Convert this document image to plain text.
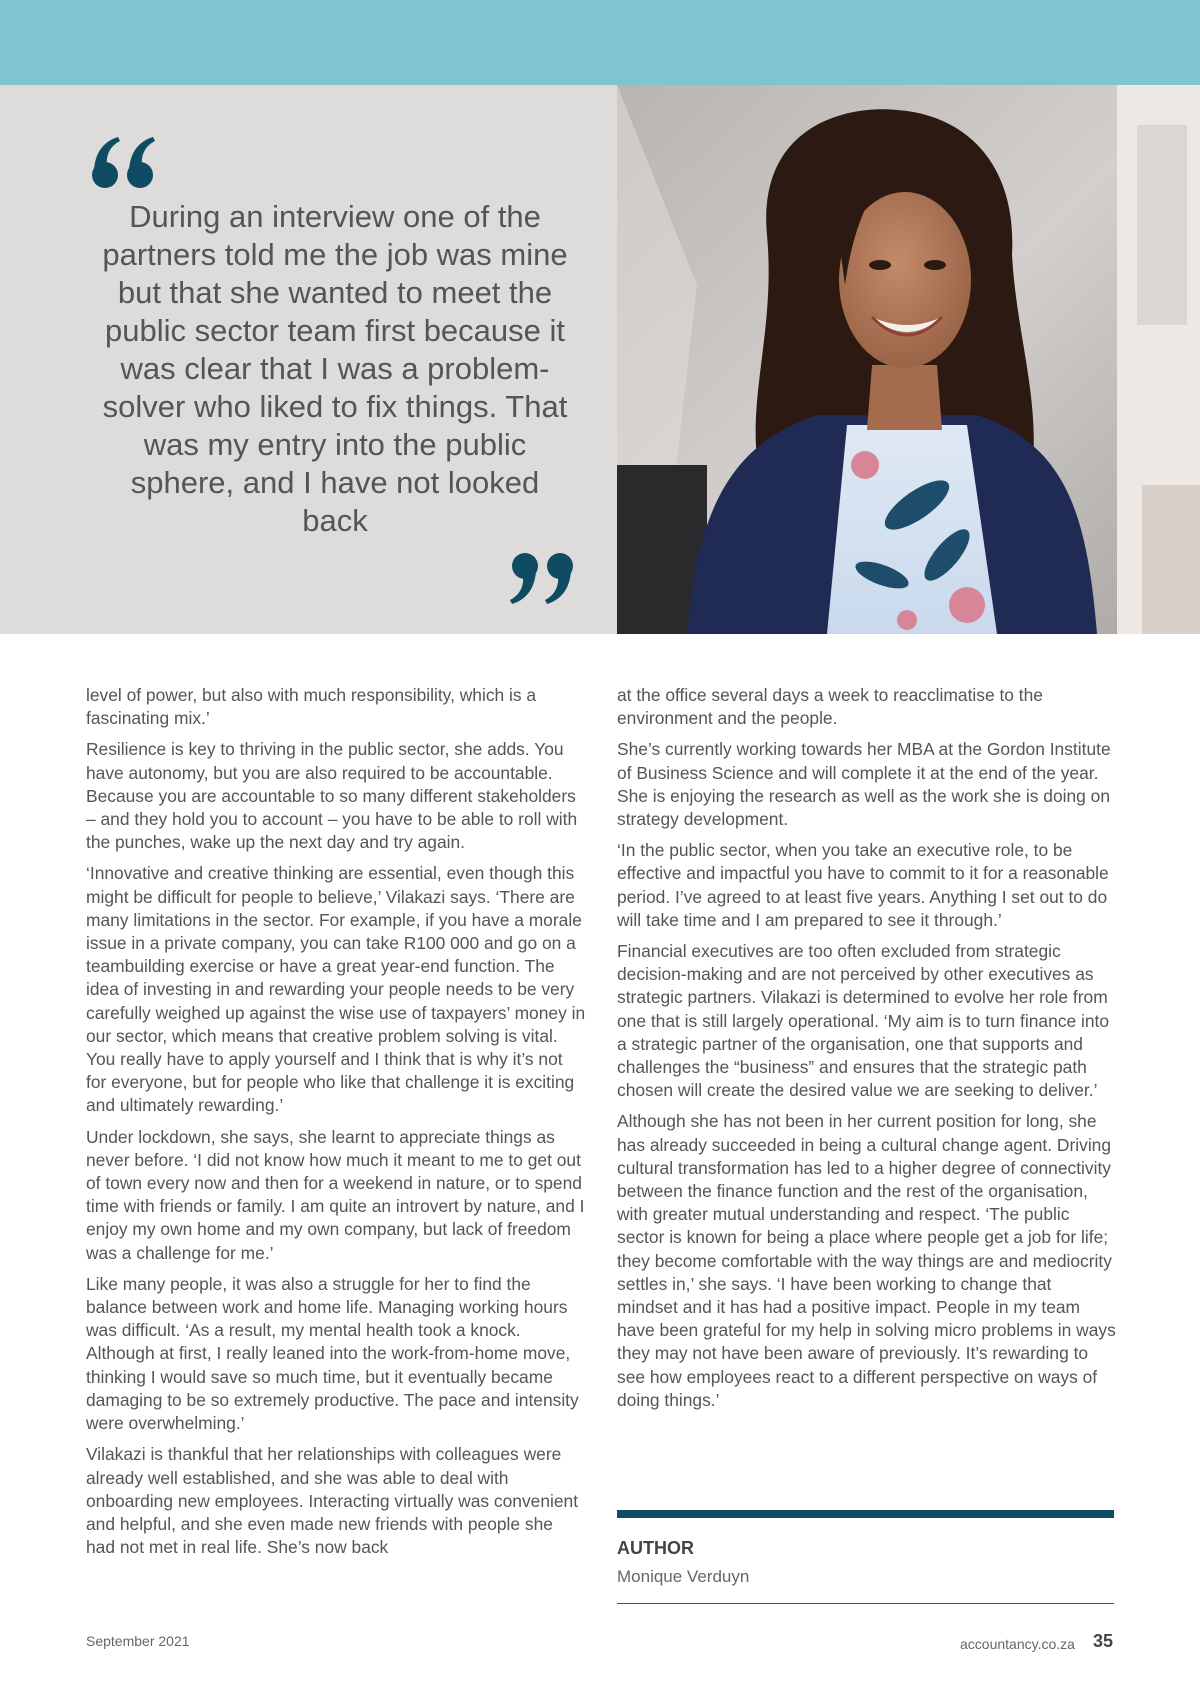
During an interview one of the partners told me the job was mine but that she wanted to meet the public sector team first because it was clear that I was a problem-solver who liked to fix things. That was my entry into the public sphere, and I have not looked back

level of power, but also with much responsibility, which is a fascinating mix.’

Resilience is key to thriving in the public sector, she adds. You have autonomy, but you are also required to be accountable. Because you are accountable to so many different stakeholders – and they hold you to account – you have to be able to roll with the punches, wake up the next day and try again.

‘Innovative and creative thinking are essential, even though this might be difficult for people to believe,’ Vilakazi says. ‘There are many limitations in the sector. For example, if you have a morale issue in a private company, you can take R100 000 and go on a teambuilding exercise or have a great year-end function. The idea of investing in and rewarding your people needs to be very carefully weighed up against the wise use of taxpayers’ money in our sector, which means that creative problem solving is vital. You really have to apply yourself and I think that is why it’s not for everyone, but for people who like that challenge it is exciting and ultimately rewarding.’

Under lockdown, she says, she learnt to appreciate things as never before. ‘I did not know how much it meant to me to get out of town every now and then for a weekend in nature, or to spend time with friends or family. I am quite an introvert by nature, and I enjoy my own home and my own company, but lack of freedom was a challenge for me.’

Like many people, it was also a struggle for her to find the balance between work and home life. Managing working hours was difficult. ‘As a result, my mental health took a knock. Although at first, I really leaned into the work-from-home move, thinking I would save so much time, but it eventually became damaging to be so extremely productive. The pace and intensity were overwhelming.’

Vilakazi is thankful that her relationships with colleagues were already well established, and she was able to deal with onboarding new employees. Interacting virtually was convenient and helpful, and she even made new friends with people she had not met in real life. She’s now back

at the office several days a week to reacclimatise to the environment and the people.

She’s currently working towards her MBA at the Gordon Institute of Business Science and will complete it at the end of the year. She is enjoying the research as well as the work she is doing on strategy development.

‘In the public sector, when you take an executive role, to be effective and impactful you have to commit to it for a reasonable period. I’ve agreed to at least five years. Anything I set out to do will take time and I am prepared to see it through.’

Financial executives are too often excluded from strategic decision-making and are not perceived by other executives as strategic partners. Vilakazi is determined to evolve her role from one that is still largely operational. ‘My aim is to turn finance into a strategic partner of the organisation, one that supports and challenges the “business” and ensures that the strategic path chosen will create the desired value we are seeking to deliver.’

Although she has not been in her current position for long, she has already succeeded in being a cultural change agent. Driving cultural transformation has led to a higher degree of connectivity between the finance function and the rest of the organisation, with greater mutual understanding and respect. ‘The public sector is known for being a place where people get a job for life; they become comfortable with the way things are and mediocrity settles in,’ she says. ‘I have been working to change that mindset and it has had a positive impact. People in my team have been grateful for my help in solving micro problems in ways they may not have been aware of previously. It’s rewarding to see how employees react to a different perspective on ways of doing things.’

AUTHOR
Monique Verduyn
September 2021	accountancy.co.za 35
